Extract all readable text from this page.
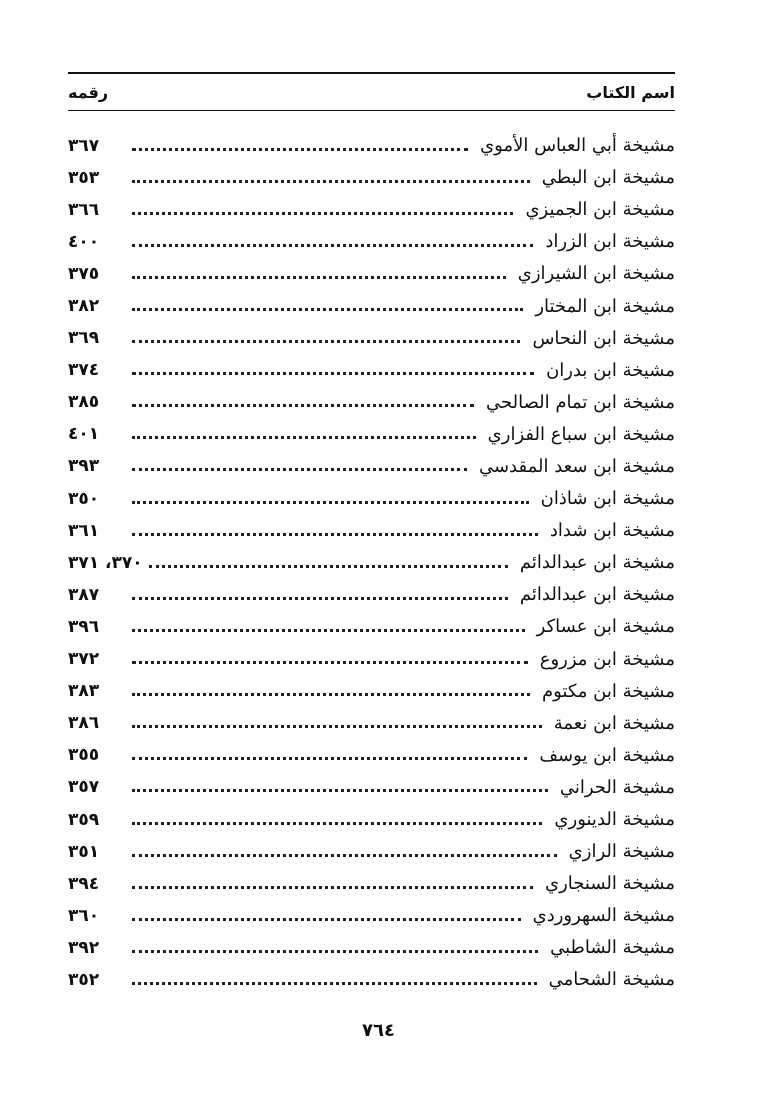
اسم الكتاب
رقمه
مشيخة أبي العباس الأموي
٣٦٧
مشيخة ابن البطي
٣٥٣
مشيخة ابن الجميزي
٣٦٦
مشيخة ابن الزراد
٤٠٠
مشيخة ابن الشيرازي
٣٧٥
مشيخة ابن المختار
٣٨٢
مشيخة ابن النحاس
٣٦٩
مشيخة ابن بدران
٣٧٤
مشيخة ابن تمام الصالحي
٣٨٥
مشيخة ابن سباع الفزاري
٤٠١
مشيخة ابن سعد المقدسي
٣٩٣
مشيخة ابن شاذان
٣٥٠
مشيخة ابن شداد
٣٦١
مشيخة ابن عبدالدائم
٣٧٠، ٣٧١
مشيخة ابن عبدالدائم
٣٨٧
مشيخة ابن عساكر
٣٩٦
مشيخة ابن مزروع
٣٧٢
مشيخة ابن مكتوم
٣٨٣
مشيخة ابن نعمة
٣٨٦
مشيخة ابن يوسف
٣٥٥
مشيخة الحراني
٣٥٧
مشيخة الدينوري
٣٥٩
مشيخة الرازي
٣٥١
مشيخة السنجاري
٣٩٤
مشيخة السهروردي
٣٦٠
مشيخة الشاطبي
٣٩٢
مشيخة الشحامي
٣٥٢
٧٦٤
